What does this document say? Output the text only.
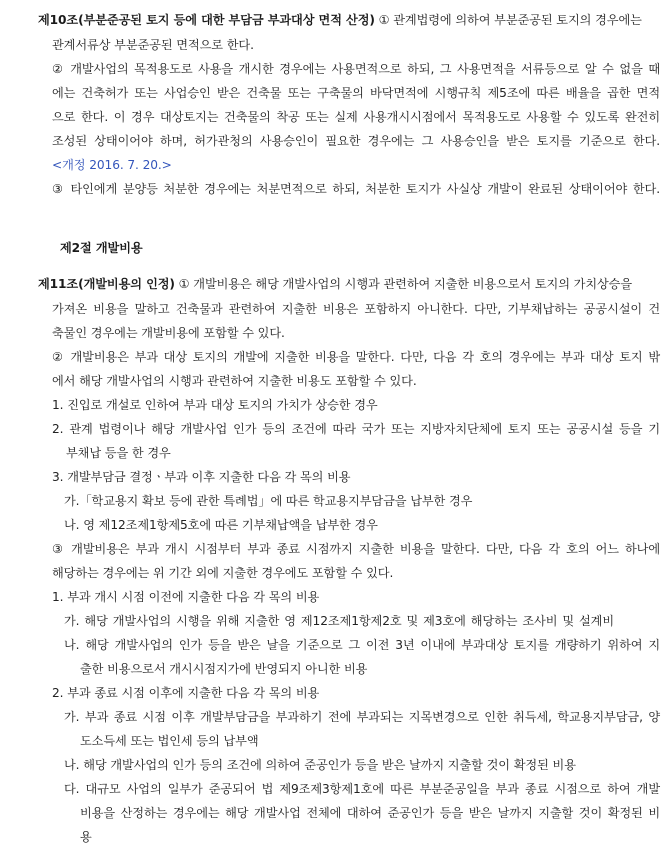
제10조(부분준공된 토지 등에 대한 부담금 부과대상 면적 산정) ① 관계법령에 의하여 부분준공된 토지의 경우에는
관계서류상 부분준공된 면적으로 한다.
② 개발사업의 목적용도로 사용을 개시한 경우에는 사용면적으로 하되, 그 사용면적을 서류등으로 알 수 없을 때
에는 건축허가 또는 사업승인 받은 건축물 또는 구축물의 바닥면적에 시행규칙 제5조에 따른 배율을 곱한 면적
으로 한다. 이 경우 대상토지는 건축물의 착공 또는 실제 사용개시시점에서 목적용도로 사용할 수 있도록 완전히
조성된 상태이어야 하며, 허가관청의 사용승인이 필요한 경우에는 그 사용승인을 받은 토지를 기준으로 한다.
<개정 2016. 7. 20.>
③ 타인에게 분양등 처분한 경우에는 처분면적으로 하되, 처분한 토지가 사실상 개발이 완료된 상태이어야 한다.
제2절 개발비용
제11조(개발비용의 인정) ① 개발비용은 해당 개발사업의 시행과 관련하여 지출한 비용으로서 토지의 가치상승을
가져온 비용을 말하고 건축물과 관련하여 지출한 비용은 포함하지 아니한다. 다만, 기부채납하는 공공시설이 건
축물인 경우에는 개발비용에 포함할 수 있다.
② 개발비용은 부과 대상 토지의 개발에 지출한 비용을 말한다. 다만, 다음 각 호의 경우에는 부과 대상 토지 밖
에서 해당 개발사업의 시행과 관련하여 지출한 비용도 포함할 수 있다.
1. 진입로 개설로 인하여 부과 대상 토지의 가치가 상승한 경우
2. 관계 법령이나 해당 개발사업 인가 등의 조건에 따라 국가 또는 지방자치단체에 토지 또는 공공시설 등을 기
부채납 등을 한 경우
3. 개발부담금 결정ㆍ부과 이후 지출한 다음 각 목의 비용
가.「학교용지 확보 등에 관한 특례법」에 따른 학교용지부담금을 납부한 경우
나. 영 제12조제1항제5호에 따른 기부채납액을 납부한 경우
③ 개발비용은 부과 개시 시점부터 부과 종료 시점까지 지출한 비용을 말한다. 다만, 다음 각 호의 어느 하나에
해당하는 경우에는 위 기간 외에 지출한 경우에도 포함할 수 있다.
1. 부과 개시 시점 이전에 지출한 다음 각 목의 비용
가. 해당 개발사업의 시행을 위해 지출한 영 제12조제1항제2호 및 제3호에 해당하는 조사비 및 설계비
나. 해당 개발사업의 인가 등을 받은 날을 기준으로 그 이전 3년 이내에 부과대상 토지를 개량하기 위하여 지
출한 비용으로서 개시시점지가에 반영되지 아니한 비용
2. 부과 종료 시점 이후에 지출한 다음 각 목의 비용
가. 부과 종료 시점 이후 개발부담금을 부과하기 전에 부과되는 지목변경으로 인한 취득세, 학교용지부담금, 양
도소득세 또는 법인세 등의 납부액
나. 해당 개발사업의 인가 등의 조건에 의하여 준공인가 등을 받은 날까지 지출할 것이 확정된 비용
다. 대규모 사업의 일부가 준공되어 법 제9조제3항제1호에 따른 부분준공일을 부과 종료 시점으로 하여 개발
비용을 산정하는 경우에는 해당 개발사업 전체에 대하여 준공인가 등을 받은 날까지 지출할 것이 확정된 비
용
